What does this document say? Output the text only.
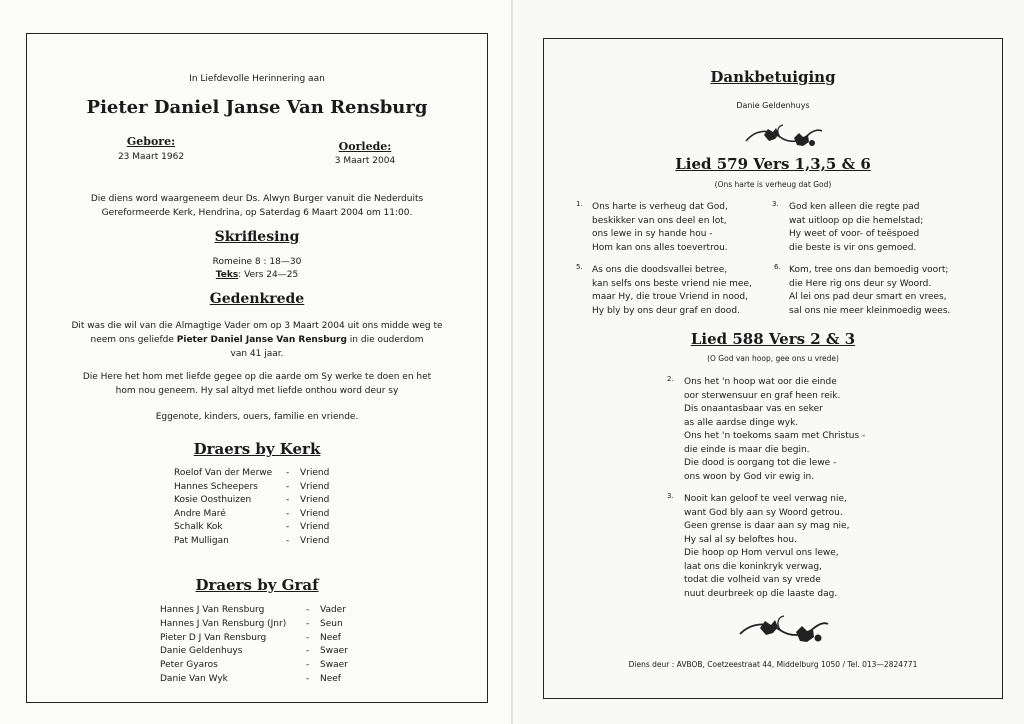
In Liefdevolle Herinnering aan
Pieter Daniel Janse Van Rensburg
Gebore:
23 Maart 1962
Oorlede:
3 Maart 2004
Die diens word waargeneem deur Ds. Alwyn Burger vanuit die Nederduits
Gereformeerde Kerk, Hendrina, op Saterdag 6 Maart 2004 om 11:00.
Skriflesing
Romeine 8 : 18—30
Teks: Vers 24—25
Gedenkrede
Dit was die wil van die Almagtige Vader om op 3 Maart 2004 uit ons midde weg te
neem ons geliefde Pieter Daniel Janse Van Rensburg in die ouderdom
van 41 jaar.
Die Here het hom met liefde gegee op die aarde om Sy werke te doen en het
hom nou geneem. Hy sal altyd met liefde onthou word deur sy
Eggenote, kinders, ouers, familie en vriende.
Draers by Kerk
Roelof Van der Merwe	-	Vriend
Hannes Scheepers	-	Vriend
Kosie Oosthuizen	-	Vriend
Andre Maré	-	Vriend
Schalk Kok	-	Vriend
Pat Mulligan	-	Vriend
Draers by Graf
Hannes J Van Rensburg	-	Vader
Hannes J Van Rensburg (Jnr)	-	Seun
Pieter D J Van Rensburg	-	Neef
Danie Geldenhuys	-	Swaer
Peter Gyaros	-	Swaer
Danie Van Wyk	-	Neef
Dankbetuiging
Danie Geldenhuys
Lied 579 Vers 1,3,5 & 6
(Ons harte is verheug dat God)
1. Ons harte is verheug dat God,
beskikker van ons deel en lot,
ons lewe in sy hande hou -
Hom kan ons alles toevertrou.
3. God ken alleen die regte pad
wat uitloop op die hemelstad;
Hy weet of voor- of teëspoed
die beste is vir ons gemoed.
5. As ons die doodsvallei betree,
kan selfs ons beste vriend nie mee,
maar Hy, die troue Vriend in nood,
Hy bly by ons deur graf en dood.
6. Kom, tree ons dan bemoedig voort;
die Here rig ons deur sy Woord.
Al lei ons pad deur smart en vrees,
sal ons nie meer kleinmoedig wees.
Lied 588 Vers 2 & 3
(O God van hoop, gee ons u vrede)
2. Ons het 'n hoop wat oor die einde
oor sterwensuur en graf heen reik.
Dis onaantasbaar vas en seker
as alle aardse dinge wyk.
Ons het 'n toekoms saam met Christus -
die einde is maar die begin.
Die dood is oorgang tot die lewe -
ons woon by God vir ewig in.
3. Nooit kan geloof te veel verwag nie,
want God bly aan sy Woord getrou.
Geen grense is daar aan sy mag nie,
Hy sal al sy beloftes hou.
Die hoop op Hom vervul ons lewe,
laat ons die koninkryk verwag,
todat die volheid van sy vrede
nuut deurbreek op die laaste dag.
Diens deur : AVBOB, Coetzeestraat 44, Middelburg 1050 / Tel. 013—2824771
